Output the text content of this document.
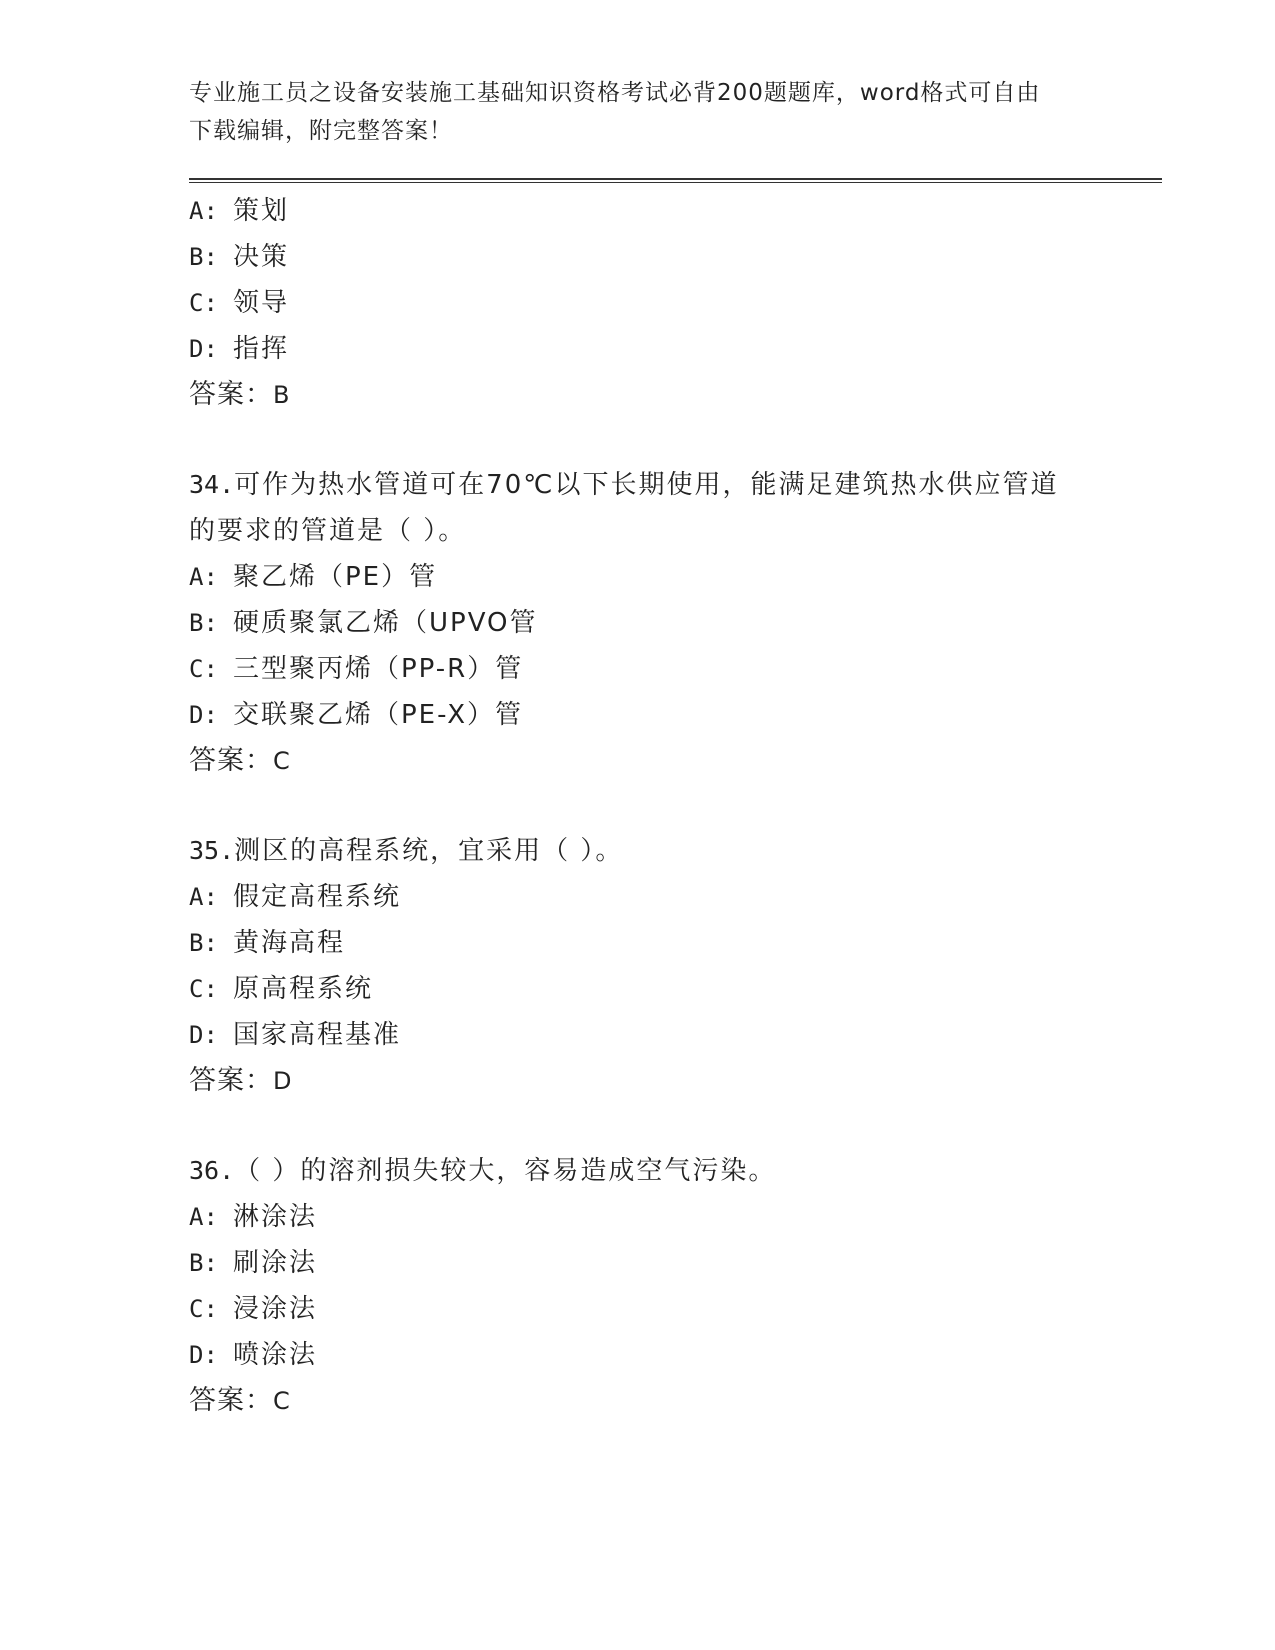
专业施工员之设备安装施工基础知识资格考试必背200题题库，word格式可自由
下载编辑，附完整答案！
A: 策划
B: 决策
C: 领导
D: 指挥
答案：B
34.可作为热水管道可在70℃以下长期使用，能满足建筑热水供应管道
的要求的管道是（ ）。
A: 聚乙烯（PE）管
B: 硬质聚氯乙烯（UPVO管
C: 三型聚丙烯（PP-R）管
D: 交联聚乙烯（PE-X）管
答案：C
35.测区的高程系统，宜采用（ ）。
A: 假定高程系统
B: 黄海高程
C: 原高程系统
D: 国家高程基准
答案：D
36.（ ）的溶剂损失较大，容易造成空气污染。
A: 淋涂法
B: 刷涂法
C: 浸涂法
D: 喷涂法
答案：C
